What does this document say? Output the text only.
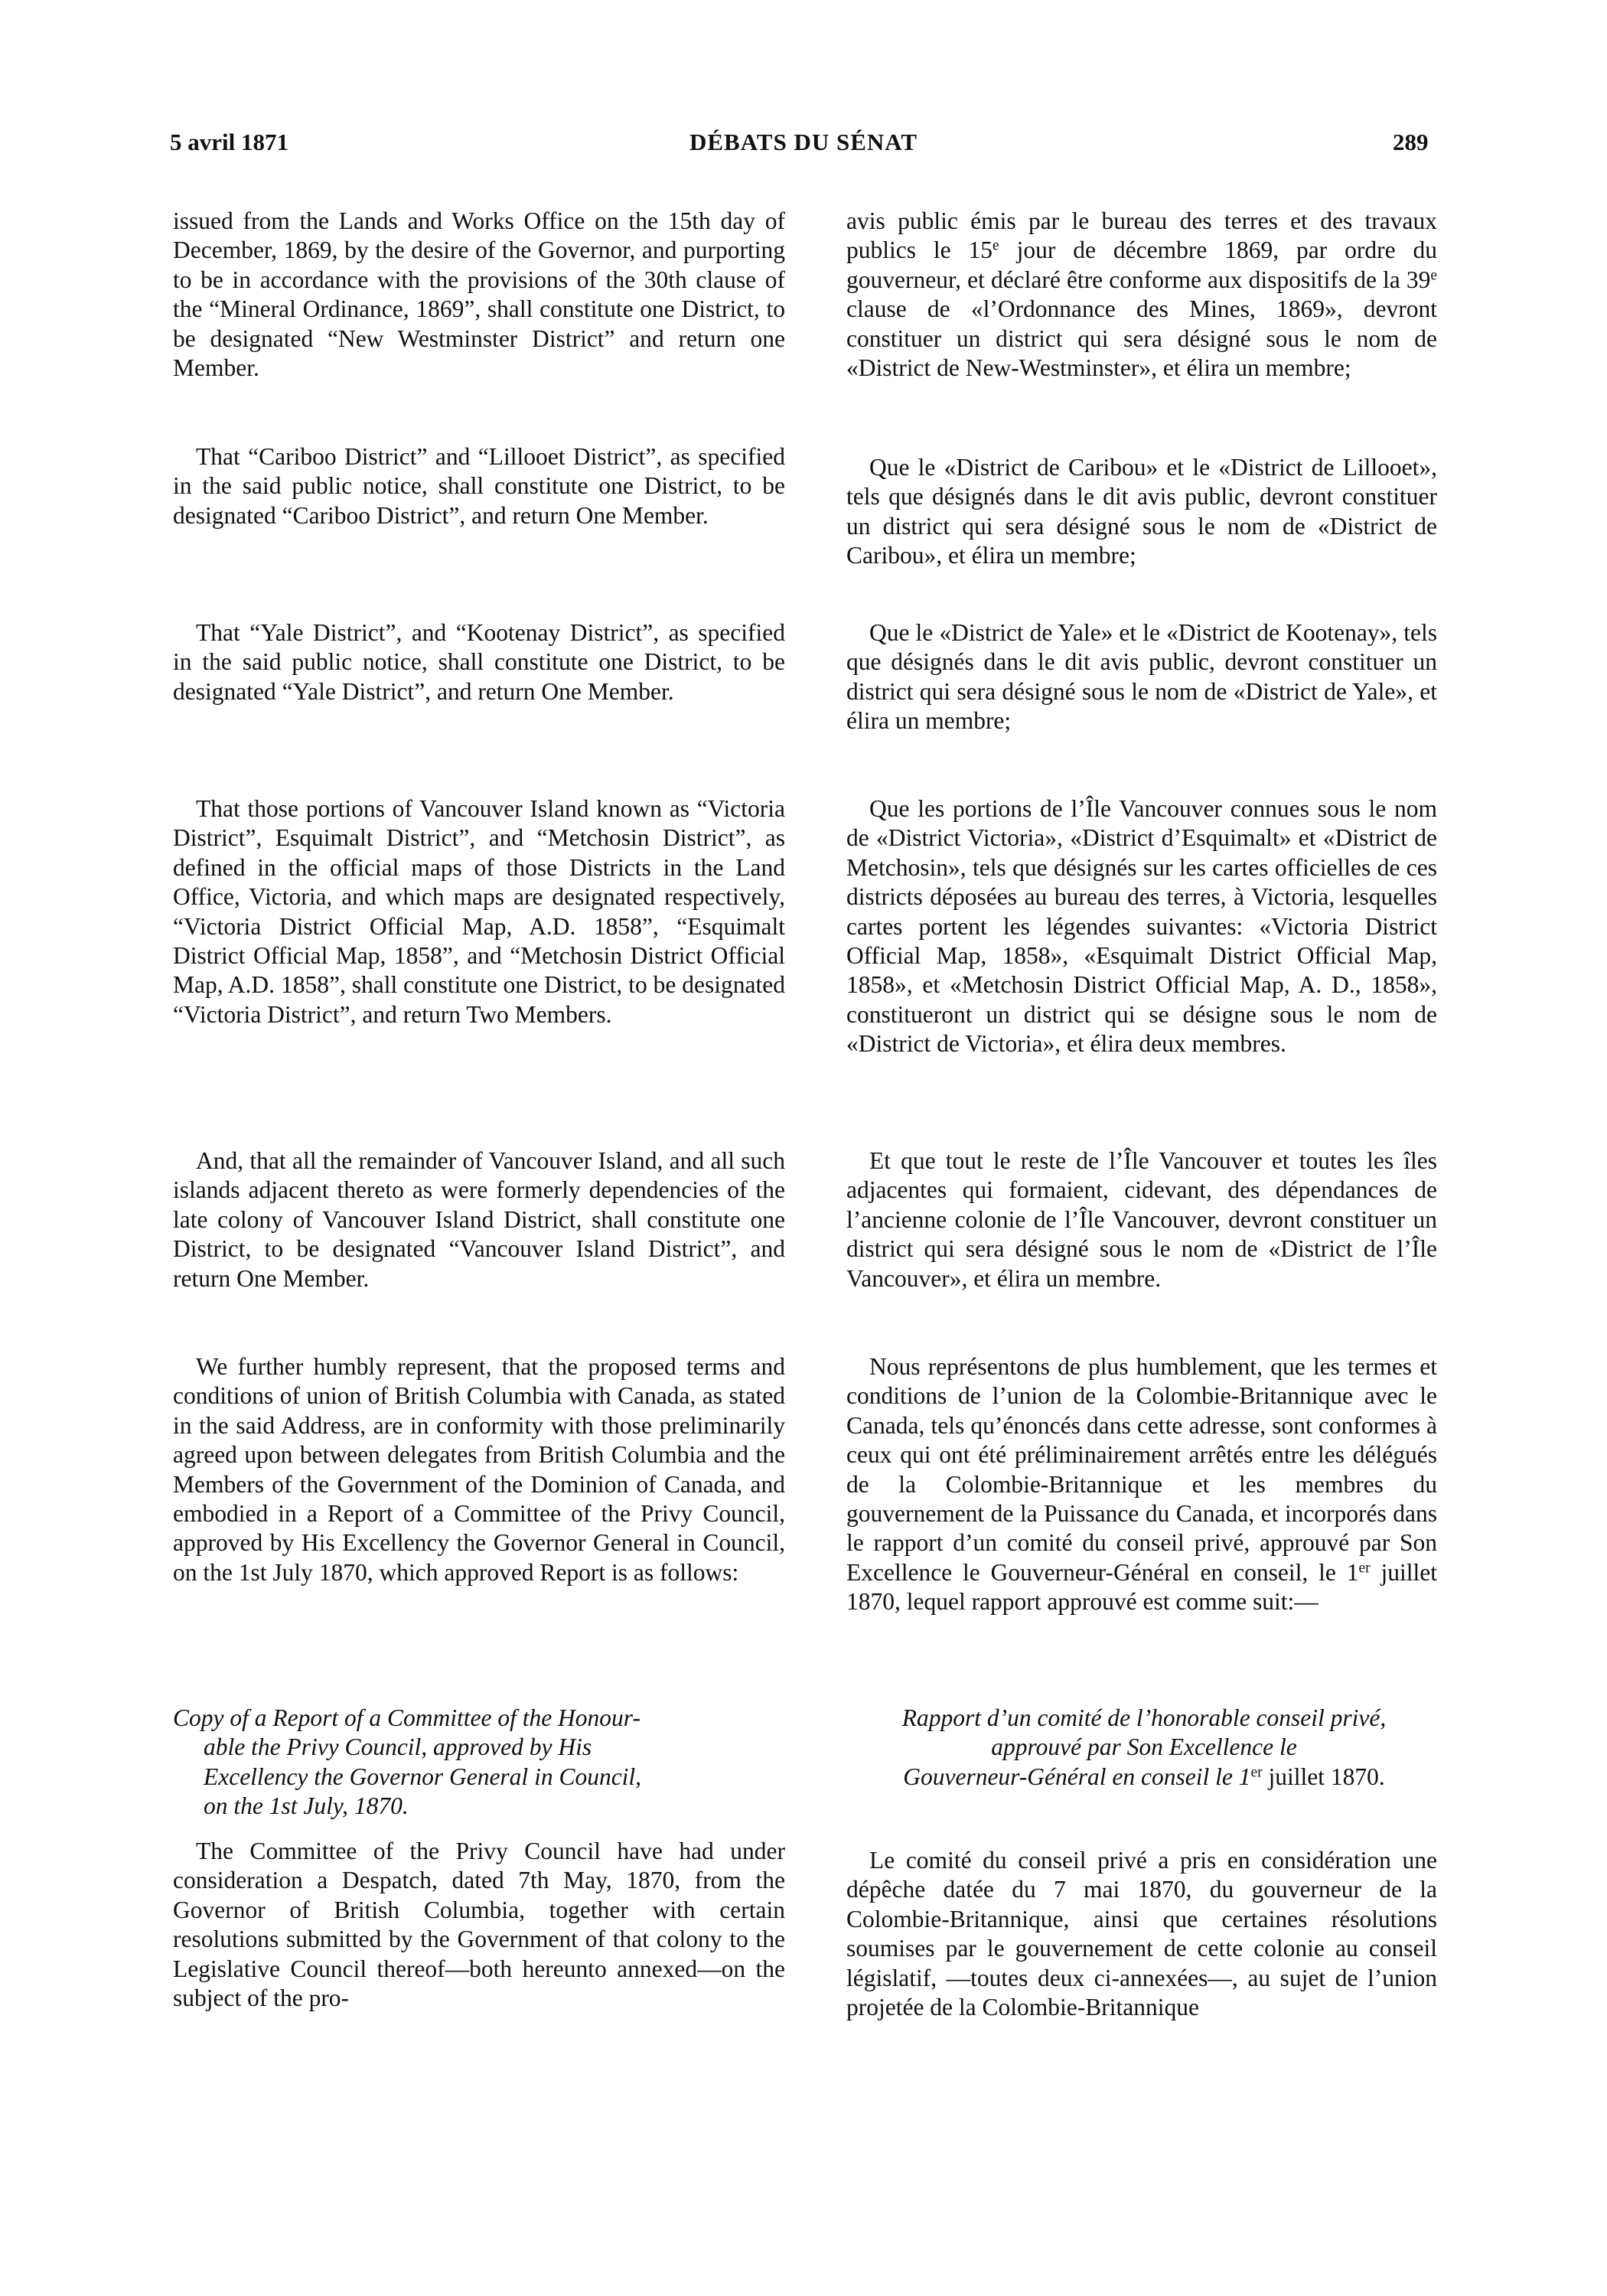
5 avril 1871	DÉBATS DU SÉNAT	289

issued from the Lands and Works Office on the 15th day of December, 1869, by the desire of the Governor, and purporting to be in accordance with the provisions of the 30th clause of the “Mineral Ordinance, 1869”, shall constitute one District, to be designated “New Westminster District” and return one Member.

That “Cariboo District” and “Lillooet District”, as specified in the said public notice, shall constitute one District, to be designated “Cariboo District”, and return One Member.

That “Yale District”, and “Kootenay District”, as specified in the said public notice, shall constitute one District, to be designated “Yale District”, and return One Member.

That those portions of Vancouver Island known as “Victoria District”, Esquimalt District”, and “Metchosin District”, as defined in the official maps of those Districts in the Land Office, Victoria, and which maps are designated respectively, “Victoria District Official Map, A.D. 1858”, “Esquimalt District Official Map, 1858”, and “Metchosin District Official Map, A.D. 1858”, shall constitute one District, to be designated “Victoria District”, and return Two Members.

And, that all the remainder of Vancouver Island, and all such islands adjacent thereto as were formerly dependencies of the late colony of Vancouver Island District, shall constitute one District, to be designated “Vancouver Island District”, and return One Member.

We further humbly represent, that the proposed terms and conditions of union of British Columbia with Canada, as stated in the said Address, are in conformity with those preliminarily agreed upon between delegates from British Columbia and the Members of the Government of the Dominion of Canada, and embodied in a Report of a Committee of the Privy Council, approved by His Excellency the Governor General in Council, on the 1st July 1870, which approved Report is as follows:

Copy of a Report of a Committee of the Honour-
able the Privy Council, approved by His
Excellency the Governor General in Council,
on the 1st July, 1870.

The Committee of the Privy Council have had under consideration a Despatch, dated 7th May, 1870, from the Governor of British Columbia, together with certain resolutions submitted by the Government of that colony to the Legislative Council thereof—both hereunto annexed—on the subject of the pro-

avis public émis par le bureau des terres et des travaux publics le 15e jour de décembre 1869, par ordre du gouverneur, et déclaré être conforme aux dispositifs de la 39e clause de «l’Ordonnance des Mines, 1869», devront constituer un district qui sera désigné sous le nom de «District de New-Westminster», et élira un membre;

Que le «District de Caribou» et le «District de Lillooet», tels que désignés dans le dit avis public, devront constituer un district qui sera désigné sous le nom de «District de Caribou», et élira un membre;

Que le «District de Yale» et le «District de Kootenay», tels que désignés dans le dit avis public, devront constituer un district qui sera désigné sous le nom de «District de Yale», et élira un membre;

Que les portions de l’Île Vancouver connues sous le nom de «District Victoria», «District d’Esquimalt» et «District de Metchosin», tels que désignés sur les cartes officielles de ces districts déposées au bureau des terres, à Victoria, lesquelles cartes portent les légendes suivantes: «Victoria District Official Map, 1858», «Esquimalt District Official Map, 1858», et «Metchosin District Official Map, A. D., 1858», constitueront un district qui se désigne sous le nom de «District de Victoria», et élira deux membres.

Et que tout le reste de l’Île Vancouver et toutes les îles adjacentes qui formaient, cidevant, des dépendances de l’ancienne colonie de l’Île Vancouver, devront constituer un district qui sera désigné sous le nom de «District de l’Île Vancouver», et élira un membre.

Nous représentons de plus humblement, que les termes et conditions de l’union de la Colombie-Britannique avec le Canada, tels qu’énoncés dans cette adresse, sont conformes à ceux qui ont été préliminairement arrêtés entre les délégués de la Colombie-Britannique et les membres du gouvernement de la Puissance du Canada, et incorporés dans le rapport d’un comité du conseil privé, approuvé par Son Excellence le Gouverneur-Général en conseil, le 1er juillet 1870, lequel rapport approuvé est comme suit:—

Rapport d’un comité de l’honorable conseil privé,
approuvé par Son Excellence le
Gouverneur-Général en conseil le 1er juillet 1870.

Le comité du conseil privé a pris en considération une dépêche datée du 7 mai 1870, du gouverneur de la Colombie-Britannique, ainsi que certaines résolutions soumises par le gouvernement de cette colonie au conseil législatif, —toutes deux ci-annexées—, au sujet de l’union projetée de la Colombie-Britannique
